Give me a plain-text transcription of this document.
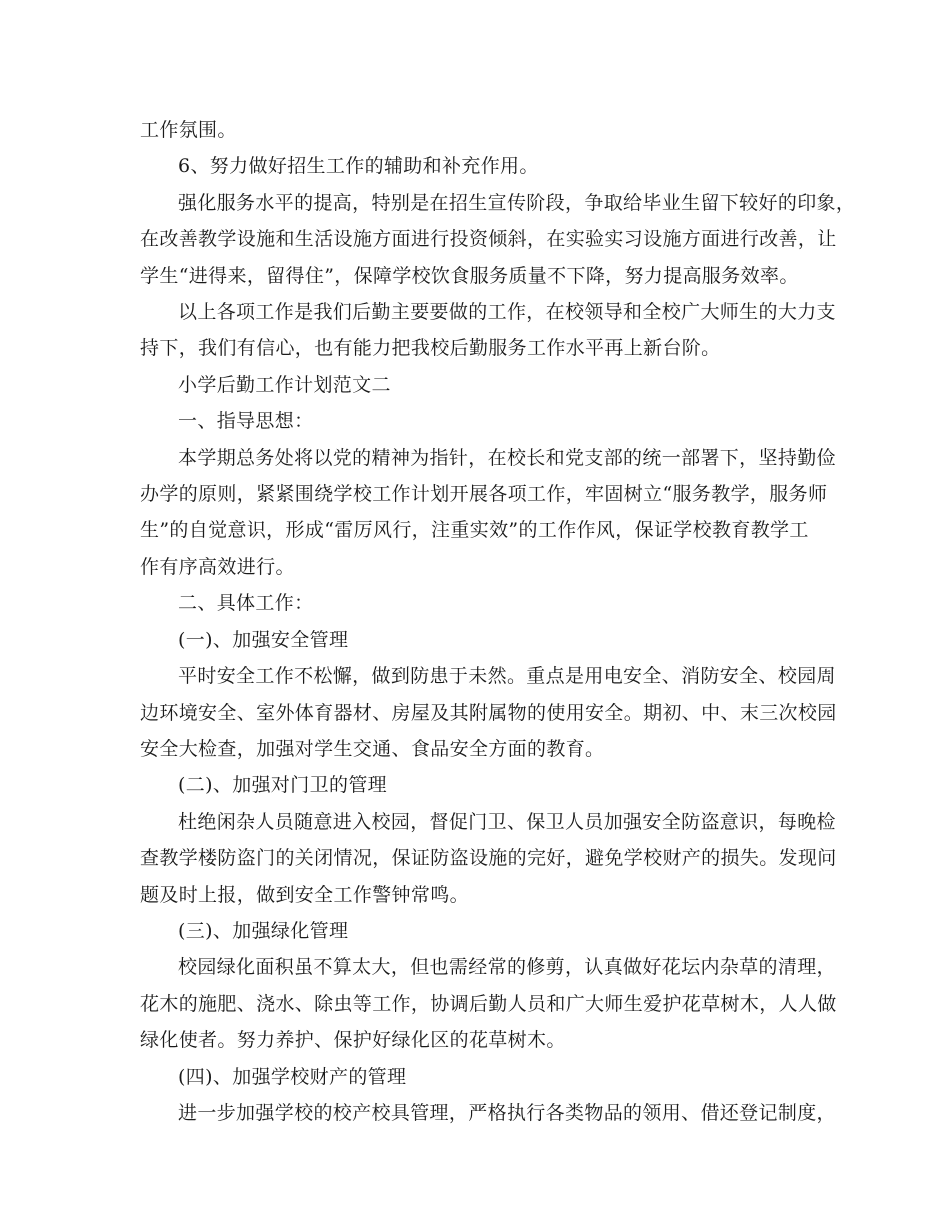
工作氛围。
6、努力做好招生工作的辅助和补充作用。
强化服务水平的提高，特别是在招生宣传阶段，争取给毕业生留下较好的印象，
在改善教学设施和生活设施方面进行投资倾斜，在实验实习设施方面进行改善，让
学生“进得来，留得住”，保障学校饮食服务质量不下降，努力提高服务效率。
以上各项工作是我们后勤主要要做的工作，在校领导和全校广大师生的大力支
持下，我们有信心，也有能力把我校后勤服务工作水平再上新台阶。
小学后勤工作计划范文二
一、指导思想：
本学期总务处将以党的精神为指针，在校长和党支部的统一部署下，坚持勤俭
办学的原则，紧紧围绕学校工作计划开展各项工作，牢固树立“服务教学，服务师
生”的自觉意识，形成“雷厉风行，注重实效”的工作作风，保证学校教育教学工
作有序高效进行。
二、具体工作：
(一)、加强安全管理
平时安全工作不松懈，做到防患于未然。重点是用电安全、消防安全、校园周
边环境安全、室外体育器材、房屋及其附属物的使用安全。期初、中、末三次校园
安全大检查，加强对学生交通、食品安全方面的教育。
(二)、加强对门卫的管理
杜绝闲杂人员随意进入校园，督促门卫、保卫人员加强安全防盗意识，每晚检
查教学楼防盗门的关闭情况，保证防盗设施的完好，避免学校财产的损失。发现问
题及时上报，做到安全工作警钟常鸣。
(三)、加强绿化管理
校园绿化面积虽不算太大，但也需经常的修剪，认真做好花坛内杂草的清理，
花木的施肥、浇水、除虫等工作，协调后勤人员和广大师生爱护花草树木，人人做
绿化使者。努力养护、保护好绿化区的花草树木。
(四)、加强学校财产的管理
进一步加强学校的校产校具管理，严格执行各类物品的领用、借还登记制度，
